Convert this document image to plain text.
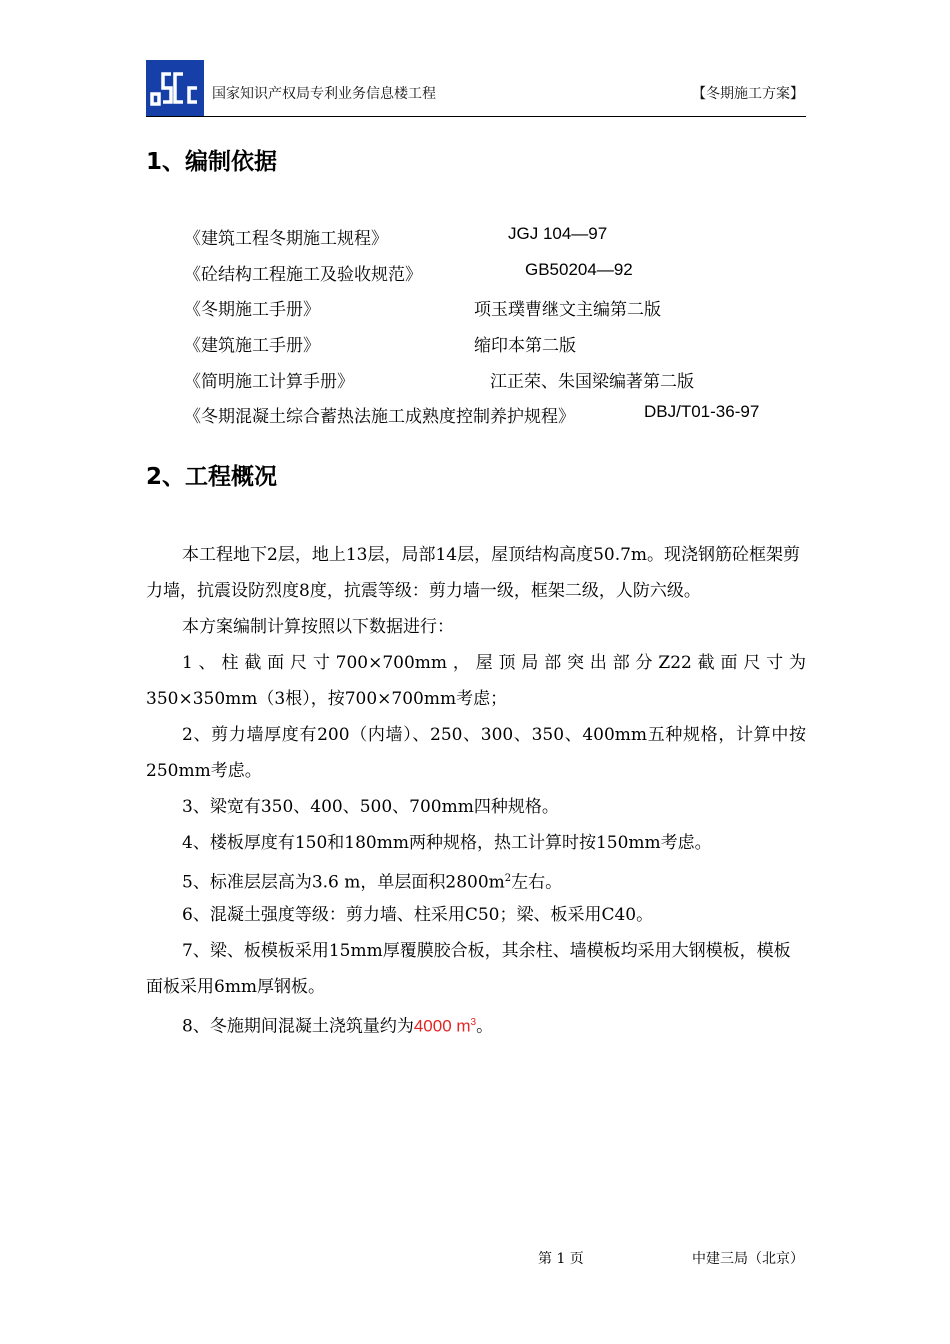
国家知识产权局专利业务信息楼工程	【冬期施工方案】
1、编制依据
《建筑工程冬期施工规程》	JGJ 104—97
《砼结构工程施工及验收规范》	GB50204—92
《冬期施工手册》	项玉璞曹继文主编第二版
《建筑施工手册》	缩印本第二版
《简明施工计算手册》	江正荣、朱国梁编著第二版
《冬期混凝土综合蓄热法施工成熟度控制养护规程》	DBJ/T01-36-97
2、工程概况
本工程地下2层，地上13层，局部14层，屋顶结构高度50.7m。现浇钢筋砼框架剪力墙，抗震设防烈度8度，抗震等级：剪力墙一级，框架二级，人防六级。
本方案编制计算按照以下数据进行：
1、柱截面尺寸700×700mm，屋顶局部突出部分Z22截面尺寸为
350×350mm（3根），按700×700mm考虑；
2、剪力墙厚度有200（内墙）、250、300、350、400mm五种规格，计算中按
250mm考虑。
3、梁宽有350、400、500、700mm四种规格。
4、楼板厚度有150和180mm两种规格，热工计算时按150mm考虑。
5、标准层层高为3.6 m，单层面积$2800m^2$左右。
6、混凝土强度等级：剪力墙、柱采用C50；梁、板采用C40。
7、梁、板模板采用15mm厚覆膜胶合板，其余柱、墙模板均采用大钢模板，模板面板采用6mm厚钢板。
8、冬施期间混凝土浇筑量约为4000 $m^3$。
第 1 页	中建三局（北京）
